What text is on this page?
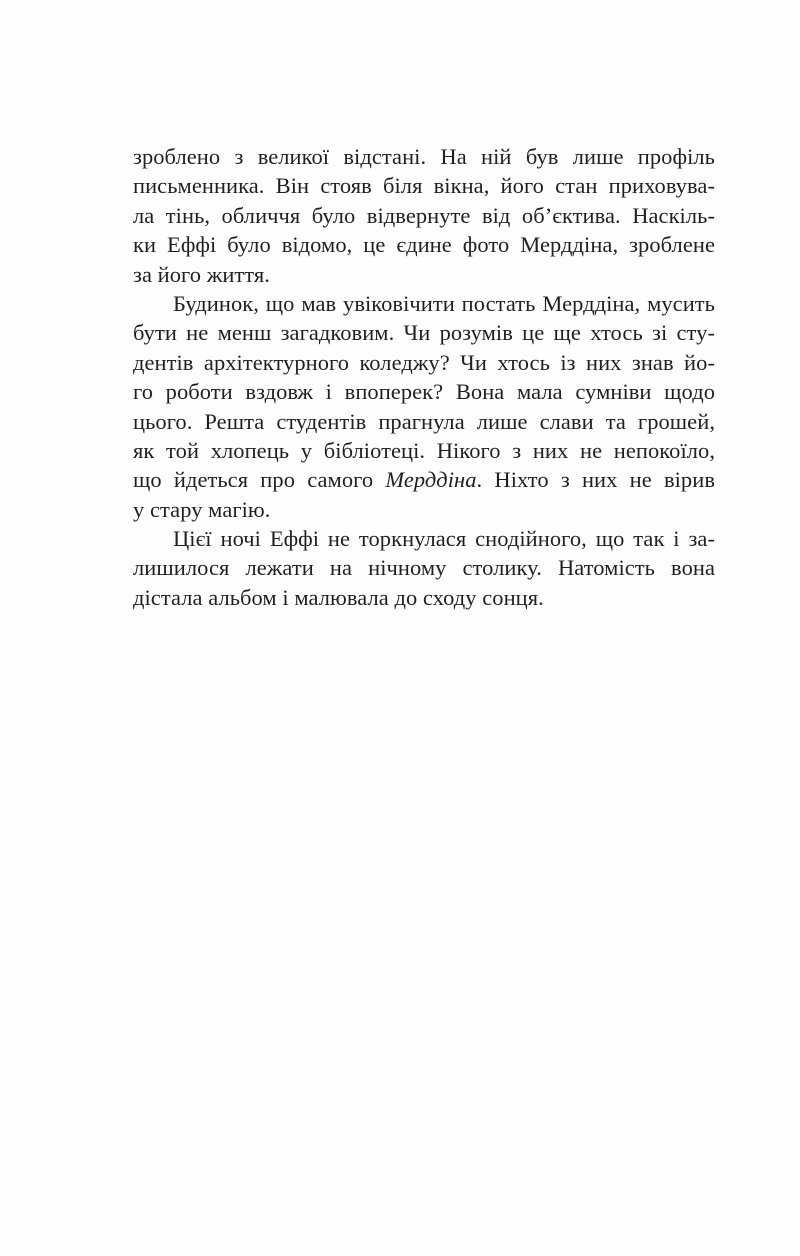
зроблено з великої відстані. На ній був лише профіль
письменника. Він стояв біля вікна, його стан приховува-
ла тінь, обличчя було відвернуте від об’єктива. Наскіль-
ки Еффі було відомо, це єдине фото Мерддіна, зроблене
за його життя.
Будинок, що мав увіковічити постать Мерддіна, мусить
бути не менш загадковим. Чи розумів це ще хтось зі сту-
дентів архітектурного коледжу? Чи хтось із них знав йо-
го роботи вздовж і впоперек? Вона мала сумніви щодо
цього. Решта студентів прагнула лише слави та грошей,
як той хлопець у бібліотеці. Нікого з них не непокоїло,
що йдеться про самого Мерддіна. Ніхто з них не вірив
у стару магію.
Цієї ночі Еффі не торкнулася снодійного, що так і за-
лишилося лежати на нічному столику. Натомість вона
дістала альбом і малювала до сходу сонця.
